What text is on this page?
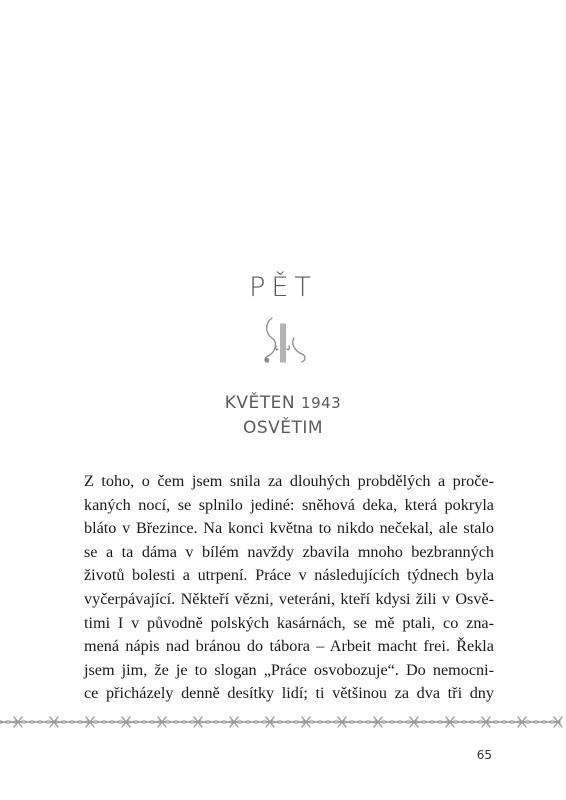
PĚT
KVĚTEN 1943
OSVĚTIM
Z toho, o čem jsem snila za dlouhých probdělých a proče-
kaných nocí, se splnilo jediné: sněhová deka, která pokryla
bláto v Březince. Na konci května to nikdo nečekal, ale stalo
se a ta dáma v bílém navždy zbavila mnoho bezbranných
životů bolesti a utrpení. Práce v následujících týdnech byla
vyčerpávající. Někteří vězni, veteráni, kteří kdysi žili v Osvě-
timi I v původně polských kasárnách, se mě ptali, co zna-
mená nápis nad bránou do tábora – Arbeit macht frei. Řekla
jsem jim, že je to slogan „Práce osvobozuje“. Do nemocni-
ce přicházely denně desítky lidí; ti většinou za dva tři dny
65
